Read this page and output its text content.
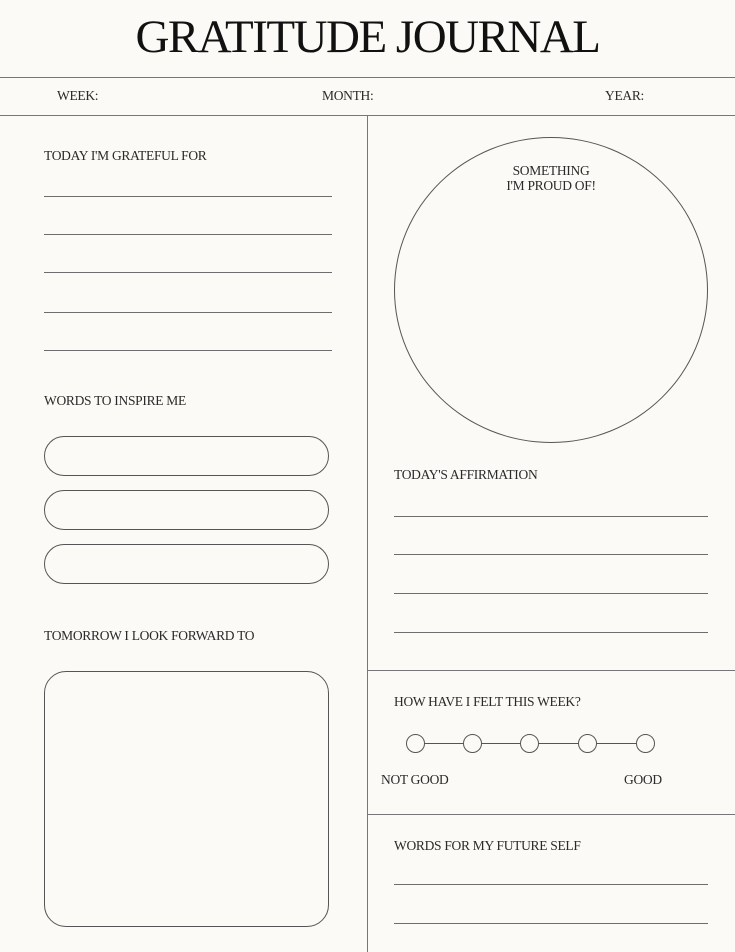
GRATITUDE JOURNAL
WEEK:	MONTH:	YEAR:
TODAY I'M GRATEFUL FOR
WORDS TO INSPIRE ME
TOMORROW I LOOK FORWARD TO
SOMETHING
I'M PROUD OF!
TODAY'S AFFIRMATION
HOW HAVE I FELT THIS WEEK?
NOT GOOD	GOOD
WORDS FOR MY FUTURE SELF
